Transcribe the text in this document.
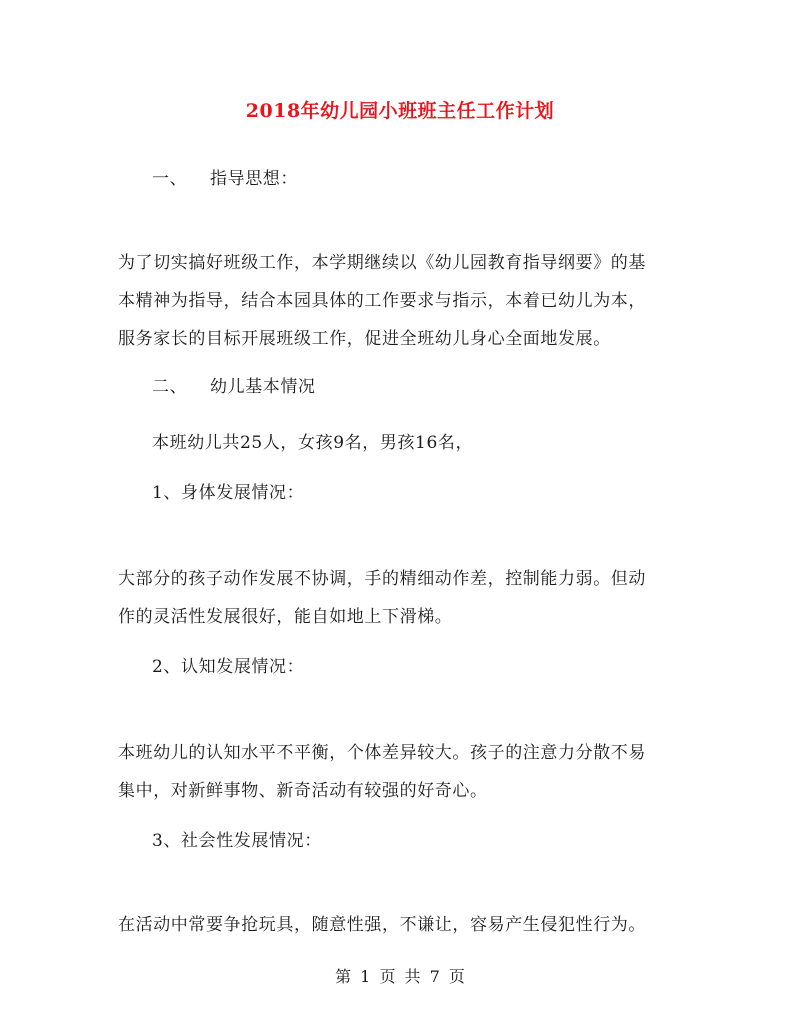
2018年幼儿园小班班主任工作计划
一、 指导思想：
为了切实搞好班级工作，本学期继续以《幼儿园教育指导纲要》的基
本精神为指导，结合本园具体的工作要求与指示，本着已幼儿为本，
服务家长的目标开展班级工作，促进全班幼儿身心全面地发展。
二、 幼儿基本情况
本班幼儿共25人，女孩9名，男孩16名，
1、身体发展情况：
大部分的孩子动作发展不协调，手的精细动作差，控制能力弱。但动
作的灵活性发展很好，能自如地上下滑梯。
2、认知发展情况：
本班幼儿的认知水平不平衡，个体差异较大。孩子的注意力分散不易
集中，对新鲜事物、新奇活动有较强的好奇心。
3、社会性发展情况：
在活动中常要争抢玩具，随意性强，不谦让，容易产生侵犯性行为。
第 1 页 共 7 页
